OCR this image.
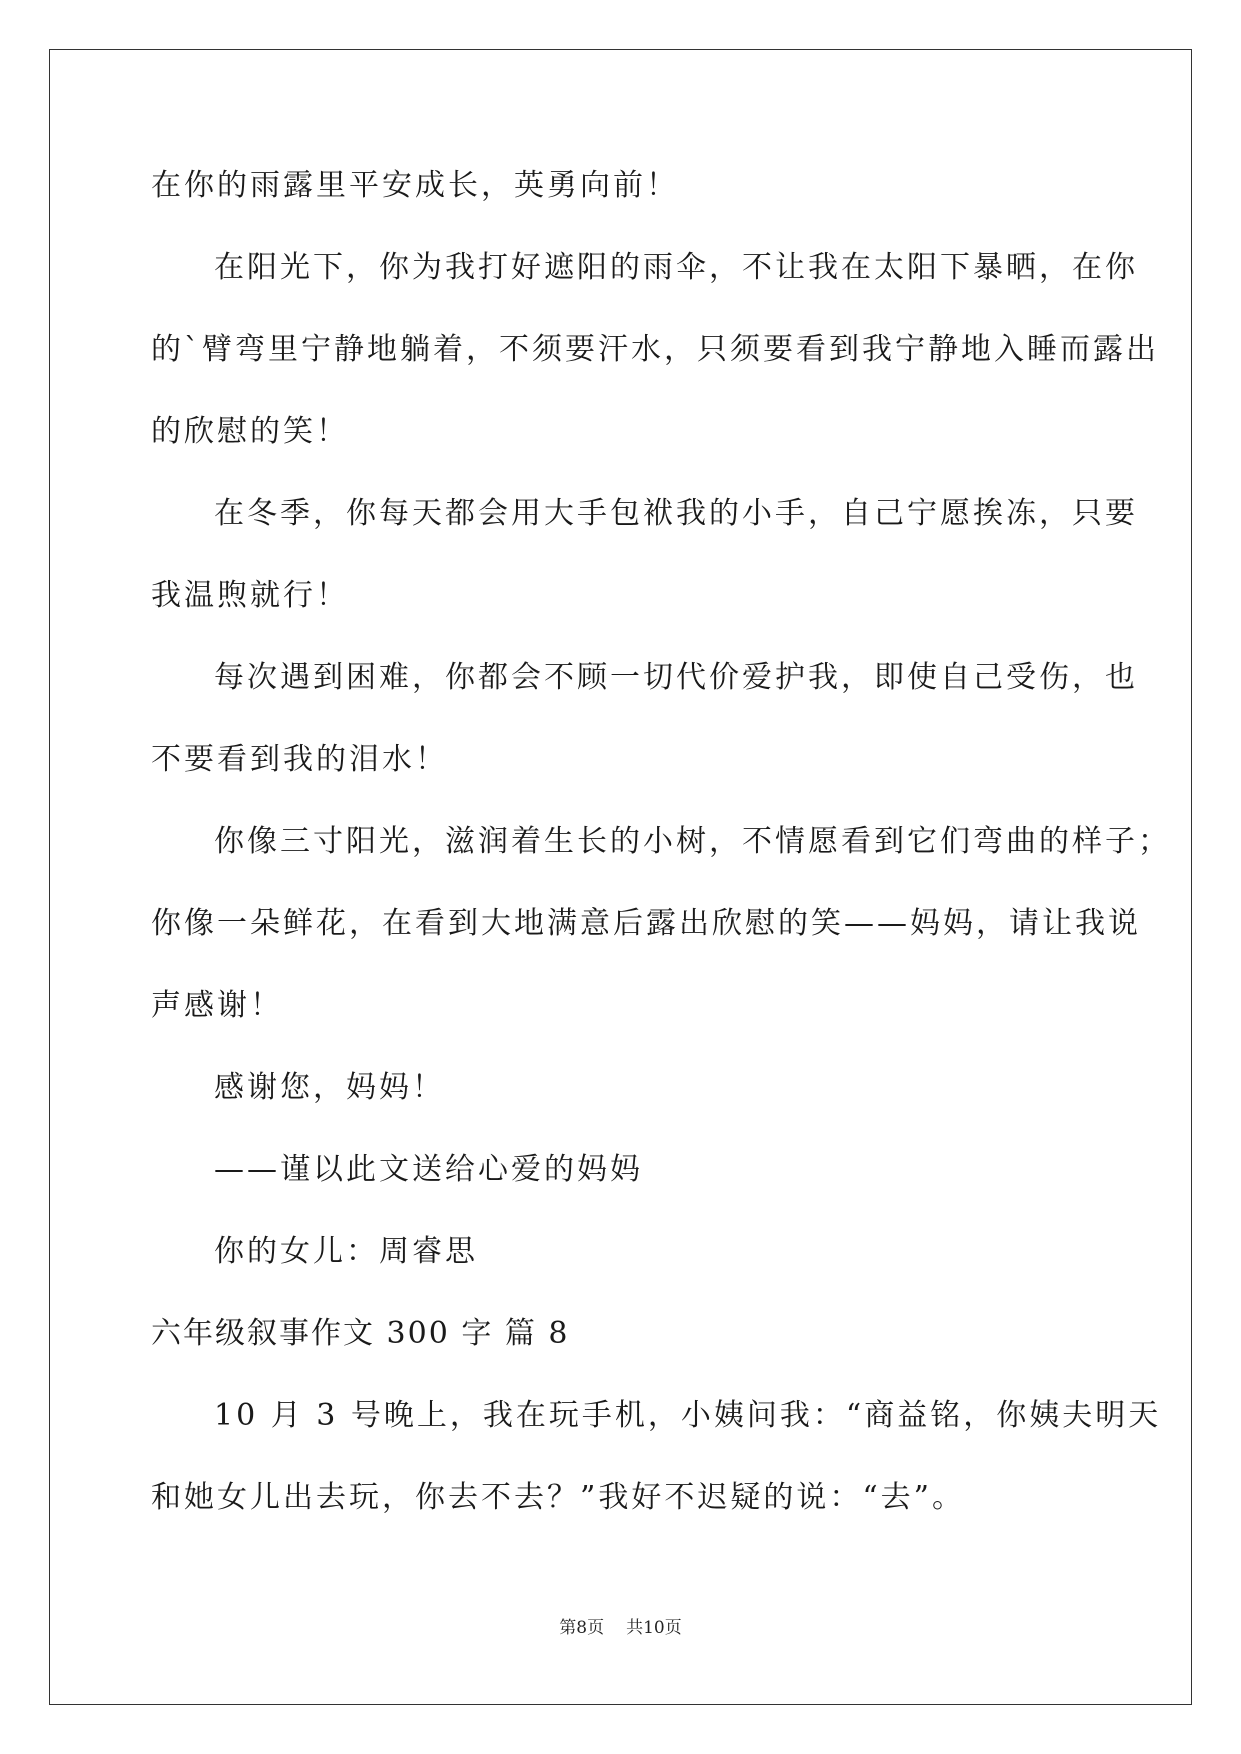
在你的雨露里平安成长，英勇向前！
在阳光下，你为我打好遮阳的雨伞，不让我在太阳下暴晒，在你
的`臂弯里宁静地躺着，不须要汗水，只须要看到我宁静地入睡而露出
的欣慰的笑！
在冬季，你每天都会用大手包袱我的小手，自己宁愿挨冻，只要
我温煦就行！
每次遇到困难，你都会不顾一切代价爱护我，即使自己受伤，也
不要看到我的泪水！
你像三寸阳光，滋润着生长的小树，不情愿看到它们弯曲的样子；
你像一朵鲜花，在看到大地满意后露出欣慰的笑——妈妈，请让我说
声感谢！
感谢您，妈妈！
——谨以此文送给心爱的妈妈
你的女儿：周睿思
六年级叙事作文 300 字 篇 8
10 月 3 号晚上，我在玩手机，小姨问我：“商益铭，你姨夫明天
和她女儿出去玩，你去不去？”我好不迟疑的说：“去”。
第8页 共10页
